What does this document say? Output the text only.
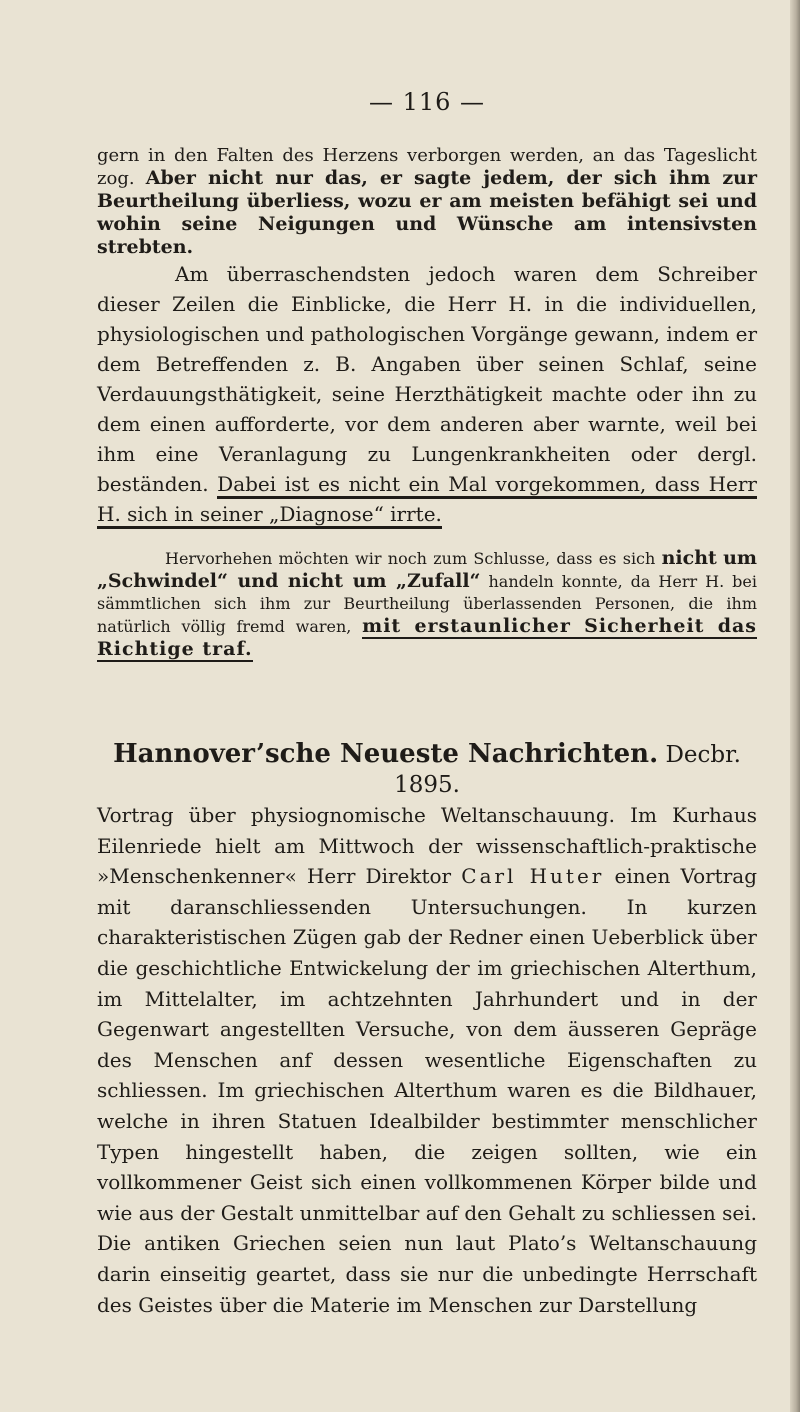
— 116 —

gern in den Falten des Herzens verborgen werden, an das Tageslicht zog. Aber nicht nur das, er sagte jedem, der sich ihm zur Beurtheilung überliess, wozu er am meisten befähigt sei und wohin seine Neigungen und Wünsche am intensivsten strebten.

Am überraschendsten jedoch waren dem Schreiber dieser Zeilen die Einblicke, die Herr H. in die individuellen, physiologischen und pathologischen Vorgänge gewann, indem er dem Betreffenden z. B. Angaben über seinen Schlaf, seine Verdauungsthätigkeit, seine Herzthätigkeit machte oder ihn zu dem einen aufforderte, vor dem anderen aber warnte, weil bei ihm eine Veranlagung zu Lungenkrankheiten oder dergl. beständen. Dabei ist es nicht ein Mal vorgekommen, dass Herr H. sich in seiner „Diagnose“ irrte.

Hervorhehen möchten wir noch zum Schlusse, dass es sich nicht um „Schwindel“ und nicht um „Zufall“ handeln konnte, da Herr H. bei sämmtlichen sich ihm zur Beurtheilung überlassenden Personen, die ihm natürlich völlig fremd waren, mit erstaunlicher Sicherheit das Richtige traf.

Hannover’sche Neueste Nachrichten. Decbr. 1895.

Vortrag über physiognomische Weltanschauung. Im Kurhaus Eilenriede hielt am Mittwoch der wissenschaftlich-praktische »Menschenkenner« Herr Direktor Carl Huter einen Vortrag mit daranschliessenden Untersuchungen. In kurzen charakteristischen Zügen gab der Redner einen Ueberblick über die geschichtliche Entwickelung der im griechischen Alterthum, im Mittelalter, im achtzehnten Jahrhundert und in der Gegenwart angestellten Versuche, von dem äusseren Gepräge des Menschen anf dessen wesentliche Eigenschaften zu schliessen. Im griechischen Alterthum waren es die Bildhauer, welche in ihren Statuen Idealbilder bestimmter menschlicher Typen hingestellt haben, die zeigen sollten, wie ein vollkommener Geist sich einen vollkommenen Körper bilde und wie aus der Gestalt unmittelbar auf den Gehalt zu schliessen sei. Die antiken Griechen seien nun laut Plato’s Weltanschauung darin einseitig geartet, dass sie nur die unbedingte Herrschaft des Geistes über die Materie im Menschen zur Darstellung
